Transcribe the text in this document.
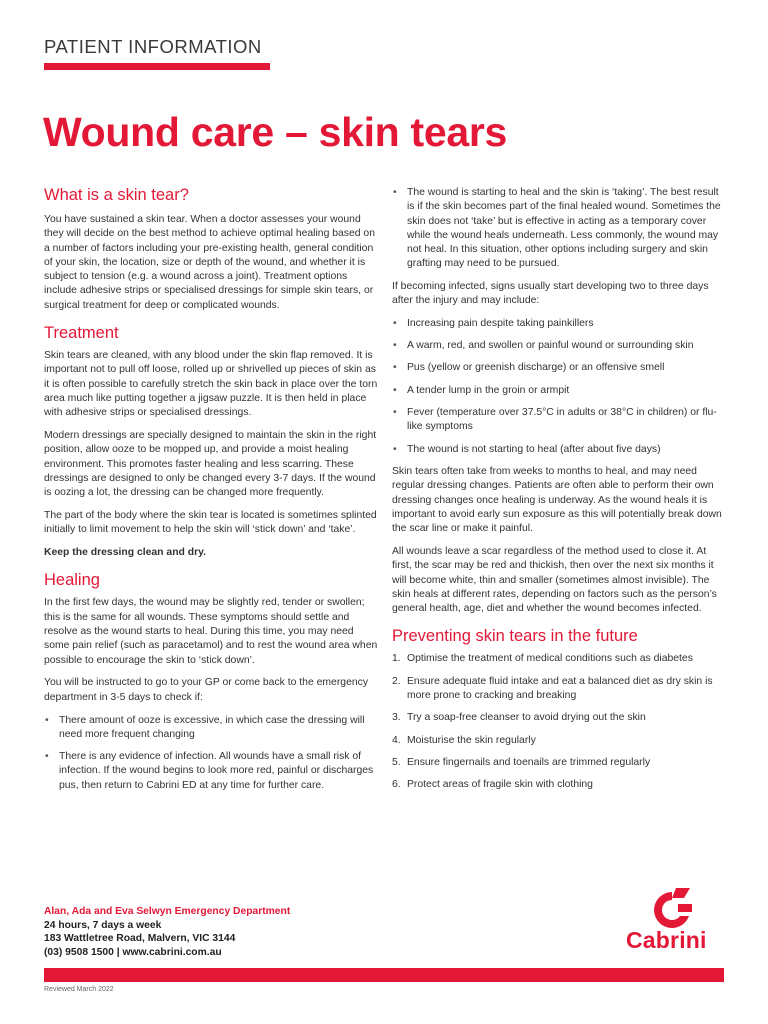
PATIENT INFORMATION
Wound care – skin tears
What is a skin tear?

You have sustained a skin tear. When a doctor assesses your wound they will decide on the best method to achieve optimal healing based on a number of factors including your pre-existing health, general condition of your skin, the location, size or depth of the wound, and whether it is subject to tension (e.g. a wound across a joint). Treatment options include adhesive strips or specialised dressings for simple skin tears, or surgical treatment for deep or complicated wounds.

Treatment

Skin tears are cleaned, with any blood under the skin flap removed. It is important not to pull off loose, rolled up or shrivelled up pieces of skin as it is often possible to carefully stretch the skin back in place over the torn area much like putting together a jigsaw puzzle. It is then held in place with adhesive strips or specialised dressings.

Modern dressings are specially designed to maintain the skin in the right position, allow ooze to be mopped up, and provide a moist healing environment. This promotes faster healing and less scarring. These dressings are designed to only be changed every 3-7 days. If the wound is oozing a lot, the dressing can be changed more frequently.

The part of the body where the skin tear is located is sometimes splinted initially to limit movement to help the skin will ‘stick down’ and ‘take’.

Keep the dressing clean and dry.

Healing

In the first few days, the wound may be slightly red, tender or swollen; this is the same for all wounds. These symptoms should settle and resolve as the wound starts to heal. During this time, you may need some pain relief (such as paracetamol) and to rest the wound area when possible to encourage the skin to ‘stick down’.

You will be instructed to go to your GP or come back to the emergency department in 3-5 days to check if:

• There amount of ooze is excessive, in which case the dressing will need more frequent changing
• There is any evidence of infection. All wounds have a small risk of infection. If the wound begins to look more red, painful or discharges pus, then return to Cabrini ED at any time for further care.
• The wound is starting to heal and the skin is ‘taking’. The best result is if the skin becomes part of the final healed wound. Sometimes the skin does not ‘take’ but is effective in acting as a temporary cover while the wound heals underneath. Less commonly, the wound may not heal. In this situation, other options including surgery and skin grafting may need to be pursued.

If becoming infected, signs usually start developing two to three days after the injury and may include:

• Increasing pain despite taking painkillers
• A warm, red, and swollen or painful wound or surrounding skin
• Pus (yellow or greenish discharge) or an offensive smell
• A tender lump in the groin or armpit
• Fever (temperature over 37.5°C in adults or 38°C in children) or flu-like symptoms
• The wound is not starting to heal (after about five days)

Skin tears often take from weeks to months to heal, and may need regular dressing changes. Patients are often able to perform their own dressing changes once healing is underway. As the wound heals it is important to avoid early sun exposure as this will potentially break down the scar line or make it painful.

All wounds leave a scar regardless of the method used to close it. At first, the scar may be red and thickish, then over the next six months it will become white, thin and smaller (sometimes almost invisible). The skin heals at different rates, depending on factors such as the person’s general health, age, diet and whether the wound becomes infected.

Preventing skin tears in the future
1. Optimise the treatment of medical conditions such as diabetes
2. Ensure adequate fluid intake and eat a balanced diet as dry skin is more prone to cracking and breaking
3. Try a soap-free cleanser to avoid drying out the skin
4. Moisturise the skin regularly
5. Ensure fingernails and toenails are trimmed regularly
6. Protect areas of fragile skin with clothing
Alan, Ada and Eva Selwyn Emergency Department
24 hours, 7 days a week
183 Wattletree Road, Malvern, VIC 3144
(03) 9508 1500 | www.cabrini.com.au	Cabrini
Reviewed March 2022
